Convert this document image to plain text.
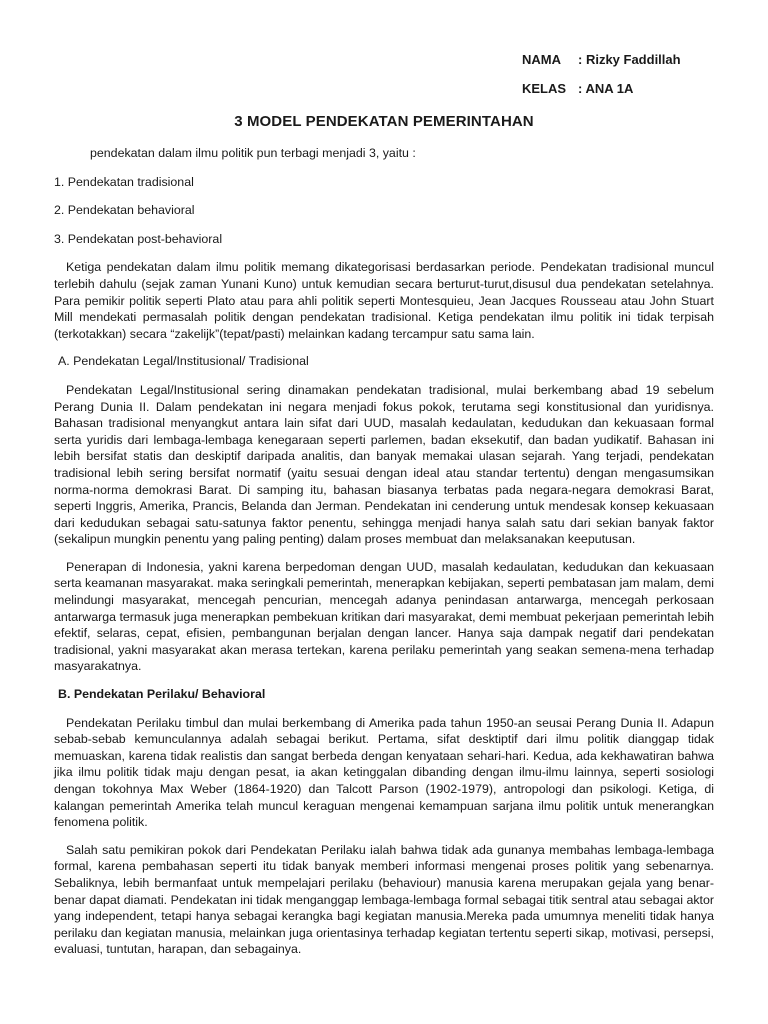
NAMA	: Rizky Faddillah
KELAS : ANA 1A
3 MODEL PENDEKATAN PEMERINTAHAN
pendekatan dalam ilmu politik pun terbagi menjadi 3, yaitu :
1. Pendekatan tradisional
2. Pendekatan behavioral
3. Pendekatan post-behavioral

Ketiga pendekatan dalam ilmu politik memang dikategorisasi berdasarkan periode. Pendekatan tradisional muncul terlebih dahulu (sejak zaman Yunani Kuno) untuk kemudian secara berturut-turut,disusul dua pendekatan setelahnya. Para pemikir politik seperti Plato atau para ahli politik seperti Montesquieu, Jean Jacques Rousseau atau John Stuart Mill mendekati permasalah politik dengan pendekatan tradisional. Ketiga pendekatan ilmu politik ini tidak terpisah (terkotakkan) secara “zakelijk”(tepat/pasti) melainkan kadang tercampur satu sama lain.

A. Pendekatan Legal/Institusional/ Tradisional

Pendekatan Legal/Institusional sering dinamakan pendekatan tradisional, mulai berkembang abad 19 sebelum Perang Dunia II. Dalam pendekatan ini negara menjadi fokus pokok, terutama segi konstitusional dan yuridisnya. Bahasan tradisional menyangkut antara lain sifat dari UUD, masalah kedaulatan, kedudukan dan kekuasaan formal serta yuridis dari lembaga-lembaga kenegaraan seperti parlemen, badan eksekutif, dan badan yudikatif. Bahasan ini lebih bersifat statis dan deskiptif daripada analitis, dan banyak memakai ulasan sejarah. Yang terjadi, pendekatan tradisional lebih sering bersifat normatif (yaitu sesuai dengan ideal atau standar tertentu) dengan mengasumsikan norma-norma demokrasi Barat. Di samping itu, bahasan biasanya terbatas pada negara-negara demokrasi Barat, seperti Inggris, Amerika, Prancis, Belanda dan Jerman. Pendekatan ini cenderung untuk mendesak konsep kekuasaan dari kedudukan sebagai satu-satunya faktor penentu, sehingga menjadi hanya salah satu dari sekian banyak faktor (sekalipun mungkin penentu yang paling penting) dalam proses membuat dan melaksanakan keeputusan.

Penerapan di Indonesia, yakni karena berpedoman dengan UUD, masalah kedaulatan, kedudukan dan kekuasaan serta keamanan masyarakat. maka seringkali pemerintah, menerapkan kebijakan, seperti pembatasan jam malam, demi melindungi masyarakat, mencegah pencurian, mencegah adanya penindasan antarwarga, mencegah perkosaan antarwarga termasuk juga menerapkan pembekuan kritikan dari masyarakat, demi membuat pekerjaan pemerintah lebih efektif, selaras, cepat, efisien, pembangunan berjalan dengan lancer. Hanya saja dampak negatif dari pendekatan tradisional, yakni masyarakat akan merasa tertekan, karena perilaku pemerintah yang seakan semena-mena terhadap masyarakatnya.

B. Pendekatan Perilaku/ Behavioral

Pendekatan Perilaku timbul dan mulai berkembang di Amerika pada tahun 1950-an seusai Perang Dunia II. Adapun sebab-sebab kemunculannya adalah sebagai berikut. Pertama, sifat desktiptif dari ilmu politik dianggap tidak memuaskan, karena tidak realistis dan sangat berbeda dengan kenyataan sehari-hari. Kedua, ada kekhawatiran bahwa jika ilmu politik tidak maju dengan pesat, ia akan ketinggalan dibanding dengan ilmu-ilmu lainnya, seperti sosiologi dengan tokohnya Max Weber (1864-1920) dan Talcott Parson (1902-1979), antropologi dan psikologi. Ketiga, di kalangan pemerintah Amerika telah muncul keraguan mengenai kemampuan sarjana ilmu politik untuk menerangkan fenomena politik.

Salah satu pemikiran pokok dari Pendekatan Perilaku ialah bahwa tidak ada gunanya membahas lembaga-lembaga formal, karena pembahasan seperti itu tidak banyak memberi informasi mengenai proses politik yang sebenarnya. Sebaliknya, lebih bermanfaat untuk mempelajari perilaku (behaviour) manusia karena merupakan gejala yang benar-benar dapat diamati. Pendekatan ini tidak menganggap lembaga-lembaga formal sebagai titik sentral atau sebagai aktor yang independent, tetapi hanya sebagai kerangka bagi kegiatan manusia.Mereka pada umumnya meneliti tidak hanya perilaku dan kegiatan manusia, melainkan juga orientasinya terhadap kegiatan tertentu seperti sikap, motivasi, persepsi, evaluasi, tuntutan, harapan, dan sebagainya.
